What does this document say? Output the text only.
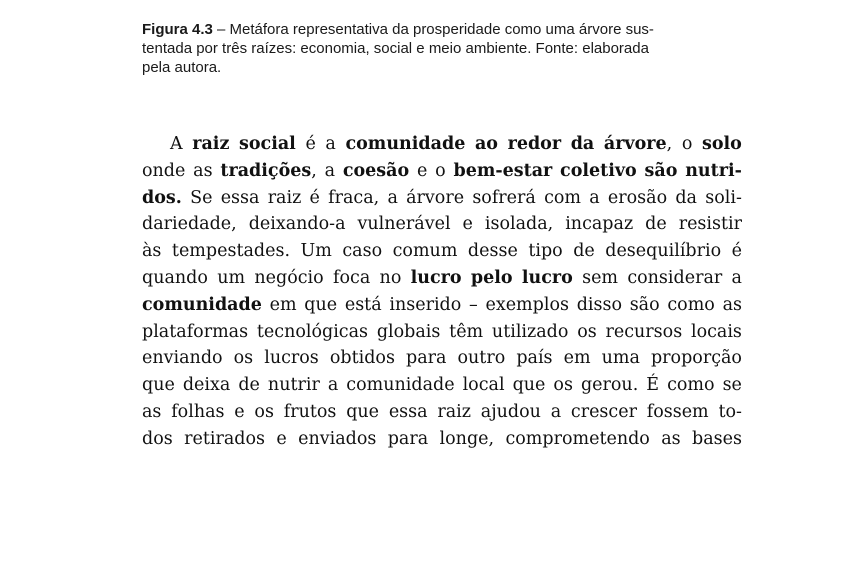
Figura 4.3 – Metáfora representativa da prosperidade como uma árvore sus-
tentada por três raízes: economia, social e meio ambiente. Fonte: elaborada
pela autora.
A raiz social é a comunidade ao redor da árvore, o solo
onde as tradições, a coesão e o bem-estar coletivo são nutri-
dos. Se essa raiz é fraca, a árvore sofrerá com a erosão da soli-
dariedade, deixando-a vulnerável e isolada, incapaz de resistir
às tempestades. Um caso comum desse tipo de desequilíbrio é
quando um negócio foca no lucro pelo lucro sem considerar a
comunidade em que está inserido – exemplos disso são como as
plataformas tecnológicas globais têm utilizado os recursos locais
enviando os lucros obtidos para outro país em uma proporção
que deixa de nutrir a comunidade local que os gerou. É como se
as folhas e os frutos que essa raiz ajudou a crescer fossem to-
dos retirados e enviados para longe, comprometendo as bases
